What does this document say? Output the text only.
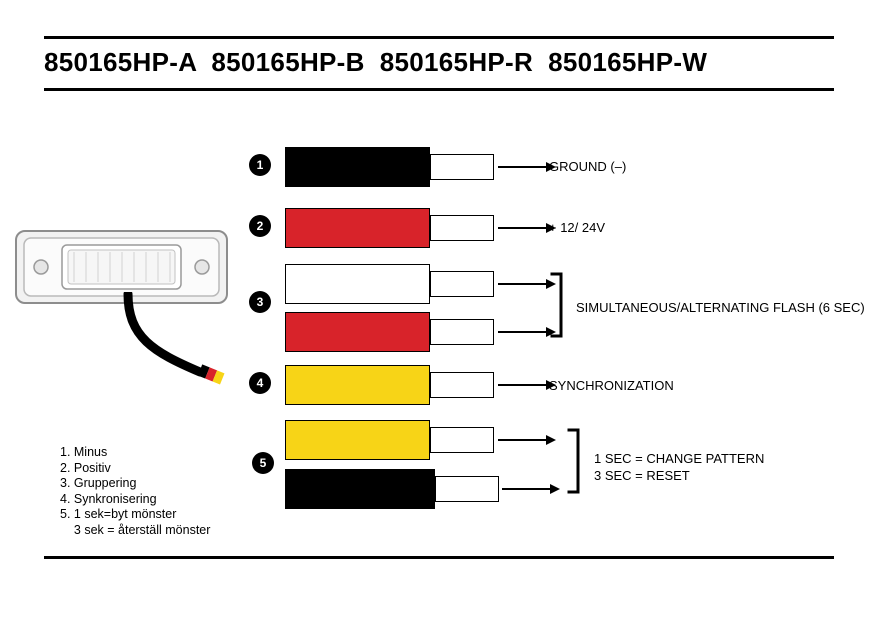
850165HP-A  850165HP-B  850165HP-R  850165HP-W
1. Minus
2. Positiv
3. Gruppering
4. Synkronisering
5. 1 sek=byt mönster
3 sek = återställ mönster
1	GROUND (–)
2	+ 12/ 24V
3	SIMULTANEOUS/ALTERNATING FLASH (6 SEC)
4	SYNCHRONIZATION
5	1 SEC = CHANGE PATTERN
3 SEC = RESET
